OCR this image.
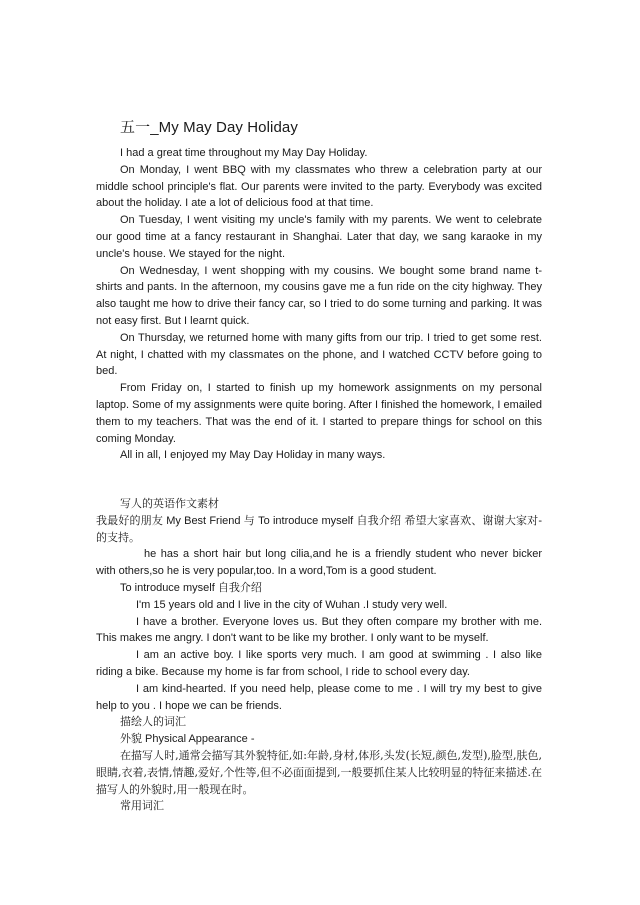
五一_My May Day Holiday

I had a great time throughout my May Day Holiday.

On Monday, I went BBQ with my classmates who threw a celebration party at our middle school principle's flat. Our parents were invited to the party. Everybody was excited about the holiday. I ate a lot of delicious food at that time.

On Tuesday, I went visiting my uncle's family with my parents. We went to celebrate our good time at a fancy restaurant in Shanghai. Later that day, we sang karaoke in my uncle's house. We stayed for the night.

On Wednesday, I went shopping with my cousins. We bought some brand name t-shirts and pants. In the afternoon, my cousins gave me a fun ride on the city highway. They also taught me how to drive their fancy car, so I tried to do some turning and parking. It was not easy first. But I learnt quick.

On Thursday, we returned home with many gifts from our trip. I tried to get some rest. At night, I chatted with my classmates on the phone, and I watched CCTV before going to bed.

From Friday on, I started to finish up my homework assignments on my personal laptop. Some of my assignments were quite boring. After I finished the homework, I emailed them to my teachers. That was the end of it. I started to prepare things for school on this coming Monday.

All in all, I enjoyed my May Day Holiday in many ways.

写人的英语作文素材

我最好的朋友 My Best Friend 与 To introduce myself 自我介绍 希望大家喜欢、谢谢大家对-的支持。

he has a short hair but long cilia,and he is a friendly student who never bicker with others,so he is very popular,too. In a word,Tom is a good student.

To introduce myself 自我介绍

I'm 15 years old and I live in the city of Wuhan .I study very well.

I have a brother. Everyone loves us. But they often compare my brother with me. This makes me angry. I don't want to be like my brother. I only want to be myself.

I am an active boy. I like sports very much. I am good at swimming . I also like riding a bike. Because my home is far from school, I ride to school every day.

I am kind-hearted. If you need help, please come to me . I will try my best to give help to you . I hope we can be friends.

描绘人的词汇

外貌 Physical Appearance -

在描写人时,通常会描写其外貌特征,如:年龄,身材,体形,头发(长短,颜色,发型),脸型,肤色,眼睛,衣着,表情,情趣,爱好,个性等,但不必面面提到,一般要抓住某人比较明显的特征来描述.在描写人的外貌时,用一般现在时。

常用词汇
